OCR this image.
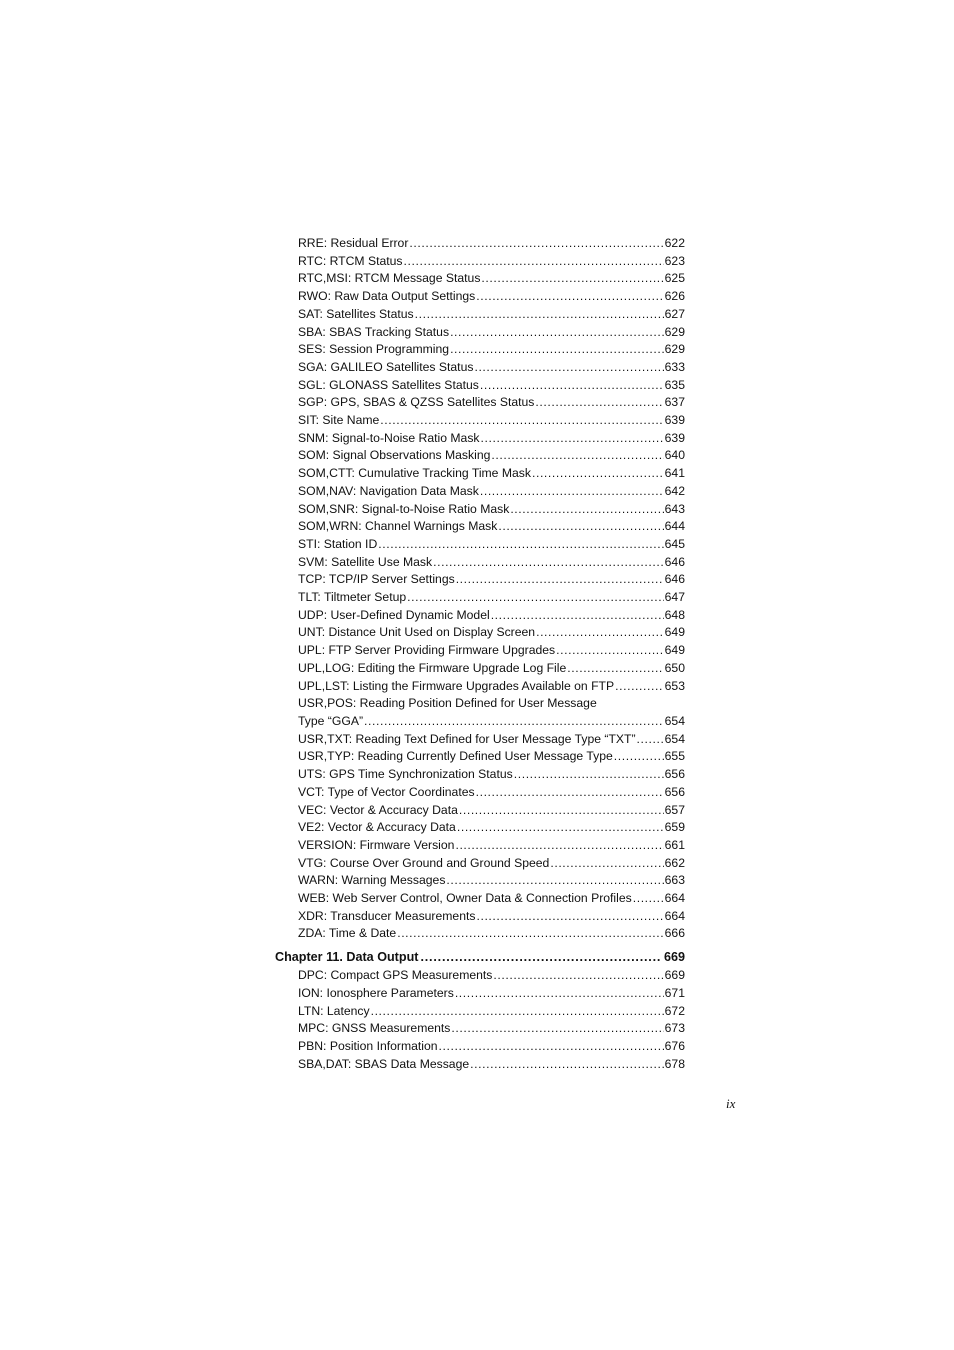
RRE: Residual Error .....	622
RTC: RTCM Status .....	623
RTC,MSI: RTCM Message Status .....	625
RWO: Raw Data Output Settings .....	626
SAT: Satellites Status .....	627
SBA: SBAS Tracking Status .....	629
SES: Session Programming .....	629
SGA: GALILEO Satellites Status .....	633
SGL: GLONASS Satellites Status .....	635
SGP: GPS, SBAS & QZSS Satellites Status .....	637
SIT: Site Name .....	639
SNM: Signal-to-Noise Ratio Mask .....	639
SOM: Signal Observations Masking .....	640
SOM,CTT: Cumulative Tracking Time Mask .....	641
SOM,NAV: Navigation Data Mask .....	642
SOM,SNR: Signal-to-Noise Ratio Mask .....	643
SOM,WRN: Channel Warnings Mask .....	644
STI: Station ID .....	645
SVM: Satellite Use Mask .....	646
TCP: TCP/IP Server Settings .....	646
TLT: Tiltmeter Setup .....	647
UDP: User-Defined Dynamic Model .....	648
UNT: Distance Unit Used on Display Screen .....	649
UPL: FTP Server Providing Firmware Upgrades .....	649
UPL,LOG: Editing the Firmware Upgrade Log File .....	650
UPL,LST: Listing the Firmware Upgrades Available on FTP .....	653
USR,POS: Reading Position Defined for User Message
Type “GGA” .....	654
USR,TXT: Reading Text Defined for User Message Type “TXT” ..... 654
USR,TYP: Reading Currently Defined User Message Type .....	655
UTS: GPS Time Synchronization Status .....	656
VCT: Type of Vector Coordinates .....	656
VEC: Vector & Accuracy Data .....	657
VE2: Vector & Accuracy Data .....	659
VERSION: Firmware Version .....	661
VTG: Course Over Ground and Ground Speed .....	662
WARN: Warning Messages .....	663
WEB: Web Server Control, Owner Data & Connection Profiles .....	664
XDR: Transducer Measurements .....	664
ZDA: Time & Date .....	666
Chapter 11. Data Output .....	669
DPC: Compact GPS Measurements .....	669
ION: Ionosphere Parameters .....	671
LTN: Latency .....	672
MPC: GNSS Measurements .....	673
PBN: Position Information .....	676
SBA,DAT: SBAS Data Message .....	678
ix
